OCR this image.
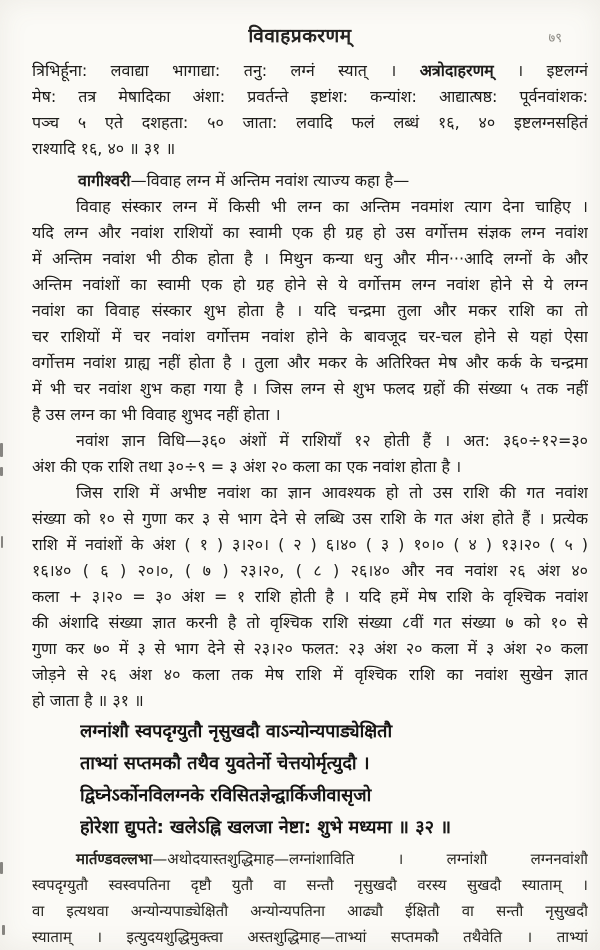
विवाहप्रकरणम्	७९
त्रिभिर्हूना: लवाद्या भागाद्या: तनु: लग्नं स्यात् । अत्रोदाहरणम् । इष्टलग्नं
मेष: तत्र मेषादिका अंशा: प्रवर्तन्ते इष्टांश: कन्यांश: आद्यात्षष्ठ: पूर्वनवांशक:
पञ्च ५ एते दशहता: ५० जाता: लवादि फलं लब्धं १६, ४० इष्टलग्नसहितं
राश्यादि १६, ४० ॥ ३१ ॥
वागीश्वरी—विवाह लग्न में अन्तिम नवांश त्याज्य कहा है—
विवाह संस्कार लग्न में किसी भी लग्न का अन्तिम नवमांश त्याग देना चाहिए ।
यदि लग्न और नवांश राशियों का स्वामी एक ही ग्रह हो उस वर्गोत्तम संज्ञक लग्न नवांश
में अन्तिम नवांश भी ठीक होता है । मिथुन कन्या धनु और मीन···आदि लग्नों के और
अन्तिम नवांशों का स्वामी एक हो ग्रह होने से ये वर्गोत्तम लग्न नवांश होने से ये लग्न
नवांश का विवाह संस्कार शुभ होता है । यदि चन्द्रमा तुला और मकर राशि का तो
चर राशियों में चर नवांश वर्गोत्तम नवांश होने के बावजूद चर-चल होने से यहां ऐसा
वर्गोत्तम नवांश ग्राह्य नहीं होता है । तुला और मकर के अतिरिक्त मेष और कर्क के चन्द्रमा
में भी चर नवांश शुभ कहा गया है । जिस लग्न से शुभ फलद ग्रहों की संख्या ५ तक नहीं
है उस लग्न का भी विवाह शुभद नहीं होता ।
नवांश ज्ञान विधि—३६० अंशों में राशियाँ १२ होती हैं । अत: ३६०÷१२=३०
अंश की एक राशि तथा ३०÷९ = ३ अंश २० कला का एक नवांश होता है ।
जिस राशि में अभीष्ट नवांश का ज्ञान आवश्यक हो तो उस राशि की गत नवांश
संख्या को १० से गुणा कर ३ से भाग देने से लब्धि उस राशि के गत अंश होते हैं । प्रत्येक
राशि में नवांशों के अंश ( १ ) ३।२०। ( २ ) ६।४० ( ३ ) १०।० ( ४ ) १३।२० ( ५ )
१६।४० ( ६ ) २०।०, ( ७ ) २३।२०, ( ८ ) २६।४० और नव नवांश २६ अंश ४०
कला + ३।२० = ३० अंश = १ राशि होती है । यदि हमें मेष राशि के वृश्चिक नवांश
की अंशादि संख्या ज्ञात करनी है तो वृश्चिक राशि संख्या ८वीं गत संख्या ७ को १० से
गुणा कर ७० में ३ से भाग देने से २३।२० फलत: २३ अंश २० कला में ३ अंश २० कला
जोड़ने से २६ अंश ४० कला तक मेष राशि में वृश्चिक राशि का नवांश सुखेन ज्ञात
हो जाता है ॥ ३१ ॥
लग्नांशौ स्वपदृग्युतौ नृसुखदौ वाऽन्योन्यपाड्येक्षितौ
ताभ्यां सप्तमकौ तथैव युवतेर्नो चेत्तयोर्मृत्युदौ ।
द्विघ्नेऽर्कोनविलग्नके रविसितज्ञेन्द्वार्किजीवासृजो
होरेशा द्युपते: खलेऽह्नि खलजा नेष्टा: शुभे मध्यमा ॥ ३२ ॥
मार्तण्डवल्लभा—अथोदयास्तशुद्धिमाह—लग्नांशाविति । लग्नांशौ लग्ननवांशौ
स्वपदृग्युतौ स्वस्वपतिना दृष्टौ युतौ वा सन्तौ नृसुखदौ वरस्य सुखदौ स्याताम् ।
वा इत्यथवा अन्योन्यपाड्येक्षितौ अन्योन्यपतिना आढ्यौ ईक्षितौ वा सन्तौ नृसुखदौ
स्याताम् । इत्युदयशुद्धिमुक्त्वा अस्तशुद्धिमाह—ताभ्यां सप्तमकौ तथैवेति । ताभ्यां
